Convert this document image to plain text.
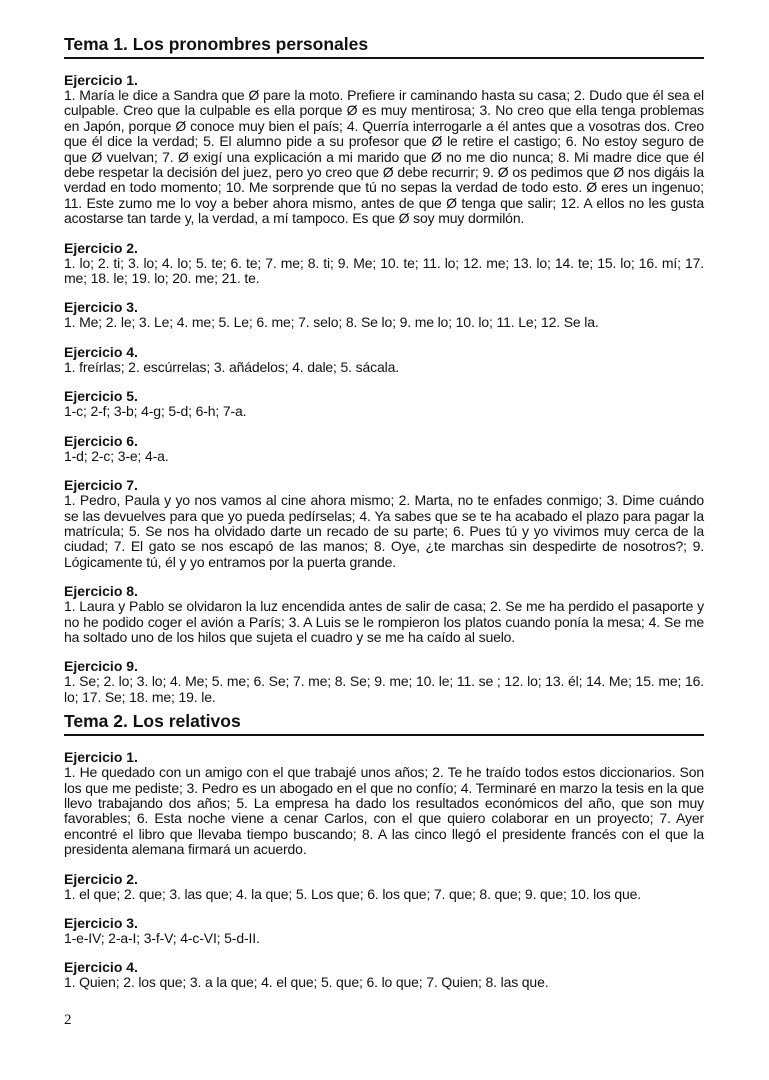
Tema 1. Los pronombres personales
Ejercicio 1.
1. María le dice a Sandra que Ø pare la moto. Prefiere ir caminando hasta su casa; 2. Dudo que él sea el culpable. Creo que la culpable es ella porque Ø es muy mentirosa; 3. No creo que ella tenga problemas en Japón, porque Ø conoce muy bien el país; 4. Querría interrogarle a él antes que a vosotras dos. Creo que él dice la verdad; 5. El alumno pide a su profesor que Ø le retire el castigo; 6. No estoy seguro de que Ø vuelvan; 7. Ø exigí una explicación a mi marido que Ø no me dio nunca; 8. Mi madre dice que él debe respetar la decisión del juez, pero yo creo que Ø debe recurrir; 9. Ø os pedimos que Ø nos digáis la verdad en todo momento; 10. Me sorprende que tú no sepas la verdad de todo esto. Ø eres un ingenuo; 11. Este zumo me lo voy a beber ahora mismo, antes de que Ø tenga que salir; 12. A ellos no les gusta acostarse tan tarde y, la verdad, a mí tampoco. Es que Ø soy muy dormilón.
Ejercicio 2.
1. lo; 2. ti; 3. lo; 4. lo; 5. te; 6. te; 7. me; 8. ti; 9. Me; 10. te; 11. lo; 12. me; 13. lo; 14. te; 15. lo; 16. mí; 17. me; 18. le; 19. lo; 20. me; 21. te.
Ejercicio 3.
1. Me; 2. le; 3. Le; 4. me; 5. Le; 6. me; 7. selo; 8. Se lo; 9. me lo; 10. lo; 11. Le; 12. Se la.
Ejercicio 4.
1. freírlas; 2. escúrrelas; 3. añádelos; 4. dale; 5. sácala.
Ejercicio 5.
1-c; 2-f; 3-b; 4-g; 5-d; 6-h; 7-a.
Ejercicio 6.
1-d; 2-c; 3-e; 4-a.
Ejercicio 7.
1. Pedro, Paula y yo nos vamos al cine ahora mismo; 2. Marta, no te enfades conmigo; 3. Dime cuándo se las devuelves para que yo pueda pedírselas; 4. Ya sabes que se te ha acabado el plazo para pagar la matrícula; 5. Se nos ha olvidado darte un recado de su parte; 6. Pues tú y yo vivimos muy cerca de la ciudad; 7. El gato se nos escapó de las manos; 8. Oye, ¿te marchas sin despedirte de nosotros?; 9. Lógicamente tú, él y yo entramos por la puerta grande.
Ejercicio 8.
1. Laura y Pablo se olvidaron la luz encendida antes de salir de casa; 2. Se me ha perdido el pasaporte y no he podido coger el avión a París; 3. A Luis se le rompieron los platos cuando ponía la mesa; 4. Se me ha soltado uno de los hilos que sujeta el cuadro y se me ha caído al suelo.
Ejercicio 9.
1. Se; 2. lo; 3. lo; 4. Me; 5. me; 6. Se; 7. me; 8. Se; 9. me; 10. le; 11. se ; 12. lo; 13. él; 14. Me; 15. me; 16. lo; 17. Se; 18. me; 19. le.
Tema 2. Los relativos
Ejercicio 1.
1. He quedado con un amigo con el que trabajé unos años; 2. Te he traído todos estos diccionarios. Son los que me pediste; 3. Pedro es un abogado en el que no confío; 4. Terminaré en marzo la tesis en la que llevo trabajando dos años; 5. La empresa ha dado los resultados económicos del año, que son muy favorables; 6. Esta noche viene a cenar Carlos, con el que quiero colaborar en un proyecto; 7. Ayer encontré el libro que llevaba tiempo buscando; 8. A las cinco llegó el presidente francés con el que la presidenta alemana firmará un acuerdo.
Ejercicio 2.
1. el que; 2. que; 3. las que; 4. la que; 5. Los que; 6. los que; 7. que; 8. que; 9. que; 10. los que.
Ejercicio 3.
1-e-IV; 2-a-I; 3-f-V; 4-c-VI; 5-d-II.
Ejercicio 4.
1. Quien; 2. los que; 3. a la que; 4. el que; 5. que; 6. lo que; 7. Quien; 8. las que.
2
